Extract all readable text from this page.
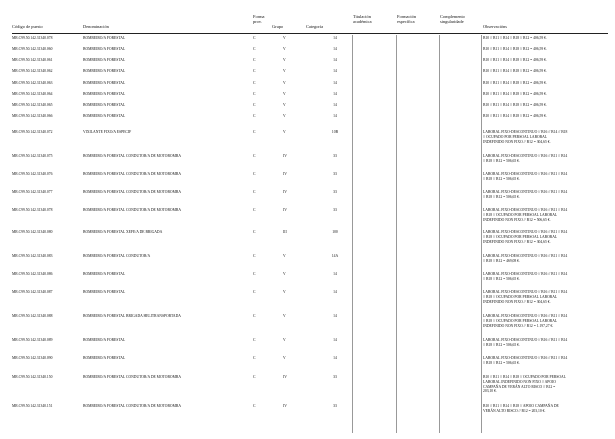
Código de puesto	Denominación
Forma
prov.
Grupo	Categoría
Titulación
académica
Formación
específica
Complemento
singularidade
Observacións
MR.C99.50.142.31340.078	BOMBEIRO/A FORESTAL	C	V	14	B10 // B11 // B14 // B18 // B12 = 406,59 €.
MR.C99.50.142.31340.060	BOMBEIRO/A FORESTAL	C	V	14	B10 // B11 // B14 // B18 // B12 = 406,59 €.
MR.C99.50.142.31340.061	BOMBEIRO/A FORESTAL	C	V	14	B10 // B11 // B14 // B18 // B12 = 406,59 €.
MR.C99.50.142.31340.062	BOMBEIRO/A FORESTAL	C	V	14	B10 // B11 // B14 // B18 // B12 = 406,59 €.
MR.C99.50.142.31340.063	BOMBEIRO/A FORESTAL	C	V	14	B10 // B11 // B14 // B18 // B12 = 406,59 €.
MR.C99.50.142.31340.064	BOMBEIRO/A FORESTAL	C	V	14	B10 // B11 // B14 // B18 // B12 = 406,59 €.
MR.C99.50.142.31340.065	BOMBEIRO/A FORESTAL	C	V	14	B10 // B11 // B14 // B18 // B12 = 406,59 €.
MR.C99.50.142.31340.066	BOMBEIRO/A FORESTAL	C	V	14	B10 // B11 // B14 // B18 // B12 = 406,59 €.
MR.C99.50.142.31340.072	VIXILANTE FIXO/A ESPECIF	C	V	10B	LABORAL FIXO-DESCONTINUO // B16 // B14 // B18
// OCUPADO POR PERSOAL LABORAL
INDEFINIDO NON FIXO // B12 = 304,65 €.
MR.C99.50.142.31340.075	BOMBEIRO/A FORESTAL CONDUTOR/A DE MOTOBOMBA	C	IV	33	LABORAL FIXO-DESCONTINUO // B16 // B11 // B14
// B18 // B12 = 506,65 €.
MR.C99.50.142.31340.076	BOMBEIRO/A FORESTAL CONDUTOR/A DE MOTOBOMBA	C	IV	33	LABORAL FIXO-DESCONTINUO // B16 // B11 // B14
// B18 // B12 = 506,65 €.
MR.C99.50.142.31340.077	BOMBEIRO/A FORESTAL CONDUTOR/A DE MOTOBOMBA	C	IV	33	LABORAL FIXO-DESCONTINUO // B16 // B11 // B14
// B18 // B12 = 506,65 €.
MR.C99.50.142.31340.078	BOMBEIRO/A FORESTAL CONDUTOR/A DE MOTOBOMBA	C	IV	33	LABORAL FIXO-DESCONTINUO // B16 // B11 // B14
// B18 // OCUPADO POR PERSOAL LABORAL
INDEFINIDO NON FIXO // B12 = 506,65 €.
MR.C99.50.142.31340.080	BOMBEIRO/A FORESTAL XEFE/A DE BRIGADA	C	III	100	LABORAL FIXO-DESCONTINUO // B16 // B11 // B14
// B18 // OCUPADO POR PERSOAL LABORAL
INDEFINIDO NON FIXO // B12 = 304,65 €.
MR.C99.50.142.31340.083	BOMBEIRO/A FORESTAL CONDUTOR/A	C	V	14A	LABORAL FIXO-DESCONTINUO // B16 // B11 // B14
// B18 // B12 = 469,08 €.
MR.C99.50.142.31340.086	BOMBEIRO/A FORESTAL	C	V	14	LABORAL FIXO-DESCONTINUO // B16 // B11 // B14
// B18 // B12 = 506,65 €.
MR.C99.50.142.31340.087	BOMBEIRO/A FORESTAL	C	V	14	LABORAL FIXO-DESCONTINUO // B16 // B11 // B14
// B18 // OCUPADO POR PERSOAL LABORAL
INDEFINIDO NON FIXO // B12 = 304,65 €.
MR.C99.50.142.31340.088	BOMBEIRO/A FORESTAL BRIGADA HELITRANSPORTADA	C	V	14	LABORAL FIXO-DESCONTINUO // B16 // B11 // B14
// B18 // OCUPADO POR PERSOAL LABORAL
INDEFINIDO NON FIXO // B12 = 1.197,27 €.
MR.C99.50.142.31340.089	BOMBEIRO/A FORESTAL	C	V	14	LABORAL FIXO-DESCONTINUO // B16 // B11 // B14
// B18 // B12 = 506,65 €.
MR.C99.50.142.31340.090	BOMBEIRO/A FORESTAL	C	V	14	LABORAL FIXO-DESCONTINUO // B16 // B11 // B14
// B18 // B12 = 506,65 €.
MR.C99.50.142.31340.150	BOMBEIRO/A FORESTAL CONDUTOR/A DE MOTOBOMBA	C	IV	33	B10 // B11 // B14 // B18 // OCUPADO POR PERSOAL
LABORAL INDEFINIDO NON FIXO // APOIO
CAMPAÑA DE VERÁN ALTO RISCO // B12 =
203,10 €.
MR.C99.50.142.31340.151	BOMBEIRO/A FORESTAL CONDUTOR/A DE MOTOBOMBA	C	IV	33	B10 // B11 // B14 // B18 // APOIO CAMPAÑA DE
VERÁN ALTO RISCO // B12 = 203,10 €.
